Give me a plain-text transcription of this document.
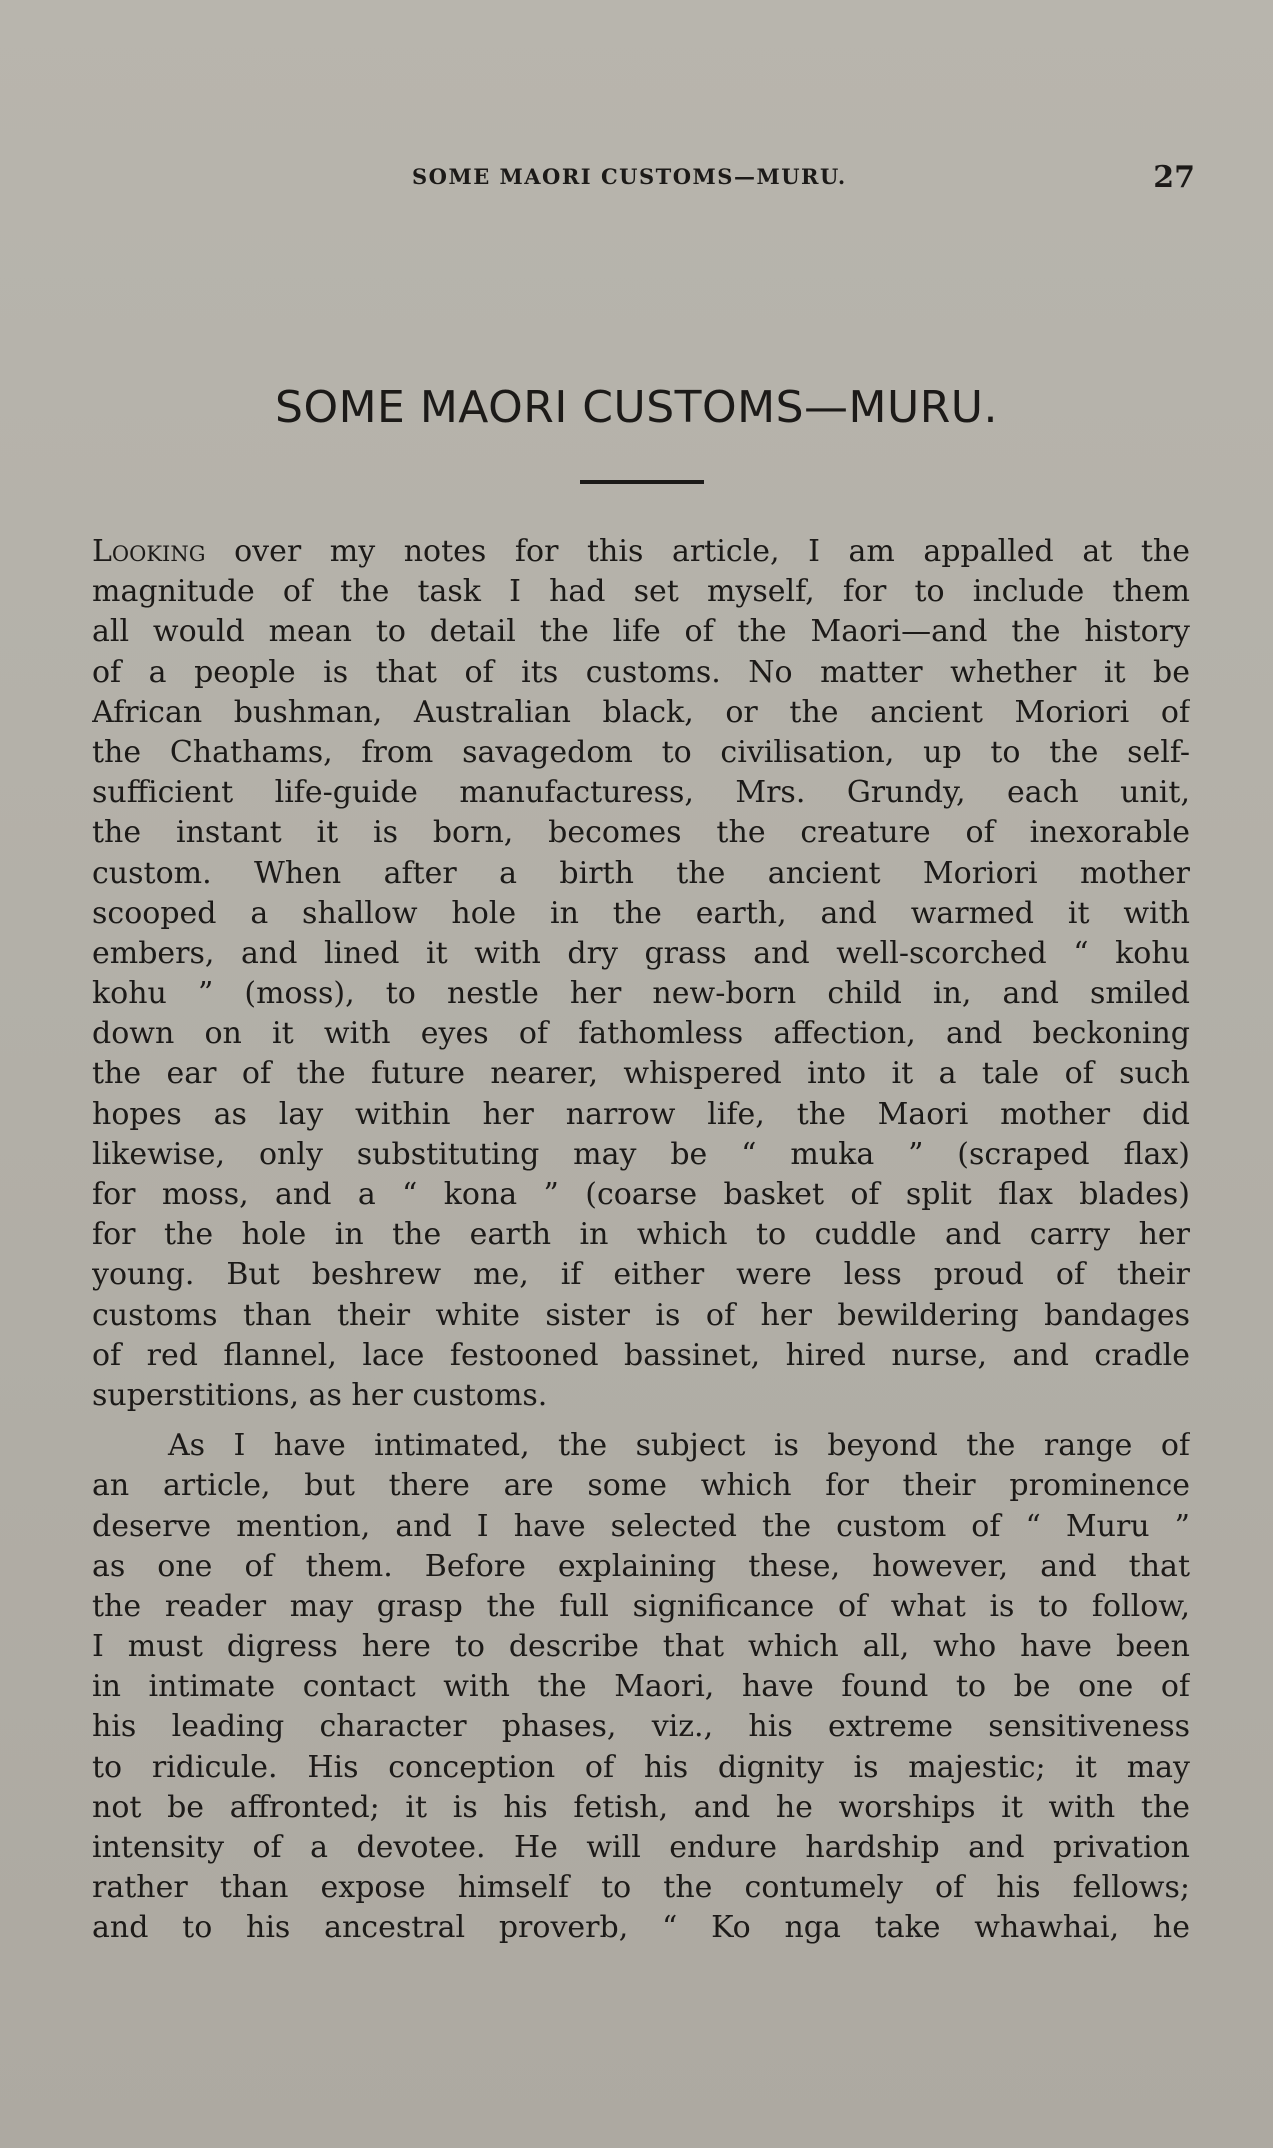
SOME MAORI CUSTOMS—MURU.	27
SOME MAORI CUSTOMS—MURU.
Looking over my notes for this article, I am appalled at the
magnitude of the task I had set myself, for to include them
all would mean to detail the life of the Maori—and the history
of a people is that of its customs. No matter whether it be
African bushman, Australian black, or the ancient Moriori of
the Chathams, from savagedom to civilisation, up to the self-
sufficient life-guide manufacturess, Mrs. Grundy, each unit,
the instant it is born, becomes the creature of inexorable
custom. When after a birth the ancient Moriori mother
scooped a shallow hole in the earth, and warmed it with
embers, and lined it with dry grass and well-scorched “ kohu
kohu ” (moss), to nestle her new-born child in, and smiled
down on it with eyes of fathomless affection, and beckoning
the ear of the future nearer, whispered into it a tale of such
hopes as lay within her narrow life, the Maori mother did
likewise, only substituting may be “ muka ” (scraped flax)
for moss, and a “ kona ” (coarse basket of split flax blades)
for the hole in the earth in which to cuddle and carry her
young. But beshrew me, if either were less proud of their
customs than their white sister is of her bewildering bandages
of red flannel, lace festooned bassinet, hired nurse, and cradle
superstitions, as her customs.
As I have intimated, the subject is beyond the range of
an article, but there are some which for their prominence
deserve mention, and I have selected the custom of “ Muru ”
as one of them. Before explaining these, however, and that
the reader may grasp the full significance of what is to follow,
I must digress here to describe that which all, who have been
in intimate contact with the Maori, have found to be one of
his leading character phases, viz., his extreme sensitiveness
to ridicule. His conception of his dignity is majestic; it may
not be affronted; it is his fetish, and he worships it with the
intensity of a devotee. He will endure hardship and privation
rather than expose himself to the contumely of his fellows;
and to his ancestral proverb, “ Ko nga take whawhai, he
